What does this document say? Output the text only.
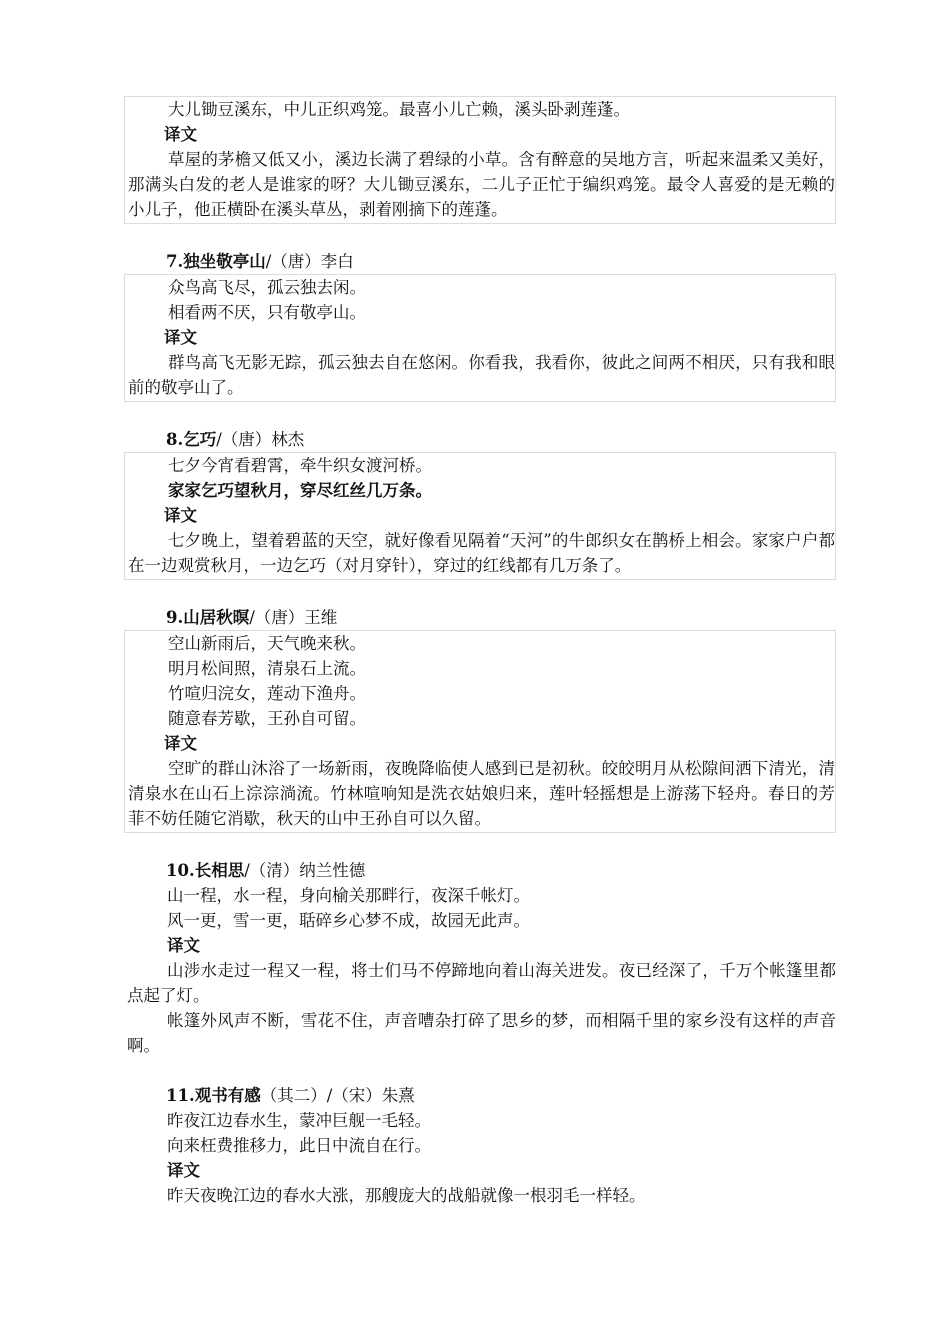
大儿锄豆溪东，中儿正织鸡笼。最喜小儿亡赖，溪头卧剥莲蓬。
译文
草屋的茅檐又低又小，溪边长满了碧绿的小草。含有醉意的吴地方言，听起来温柔又美好，那满头白发的老人是谁家的呀？大儿锄豆溪东，二儿子正忙于编织鸡笼。最令人喜爱的是无赖的小儿子，他正横卧在溪头草丛，剥着刚摘下的莲蓬。
7.独坐敬亭山/（唐）李白
众鸟高飞尽，孤云独去闲。
相看两不厌，只有敬亭山。
译文
群鸟高飞无影无踪，孤云独去自在悠闲。你看我，我看你，彼此之间两不相厌，只有我和眼前的敬亭山了。
8.乞巧/（唐）林杰
七夕今宵看碧霄，牵牛织女渡河桥。
家家乞巧望秋月，穿尽红丝几万条。
译文
七夕晚上，望着碧蓝的天空，就好像看见隔着“天河”的牛郎织女在鹊桥上相会。家家户户都在一边观赏秋月，一边乞巧（对月穿针），穿过的红线都有几万条了。
9.山居秋暝/（唐）王维
空山新雨后，天气晚来秋。
明月松间照，清泉石上流。
竹喧归浣女，莲动下渔舟。
随意春芳歇，王孙自可留。
译文
空旷的群山沐浴了一场新雨，夜晚降临使人感到已是初秋。皎皎明月从松隙间洒下清光，清清泉水在山石上淙淙淌流。竹林喧响知是洗衣姑娘归来，莲叶轻摇想是上游荡下轻舟。春日的芳菲不妨任随它消歇，秋天的山中王孙自可以久留。
10.长相思/（清）纳兰性德
山一程，水一程，身向榆关那畔行，夜深千帐灯。
风一更，雪一更，聒碎乡心梦不成，故园无此声。
译文
山涉水走过一程又一程，将士们马不停蹄地向着山海关进发。夜已经深了，千万个帐篷里都点起了灯。
帐篷外风声不断，雪花不住，声音嘈杂打碎了思乡的梦，而相隔千里的家乡没有这样的声音啊。
11.观书有感（其二）/（宋）朱熹
昨夜江边春水生，蒙冲巨舰一毛轻。
向来枉费推移力，此日中流自在行。
译文
昨天夜晚江边的春水大涨，那艘庞大的战船就像一根羽毛一样轻。
